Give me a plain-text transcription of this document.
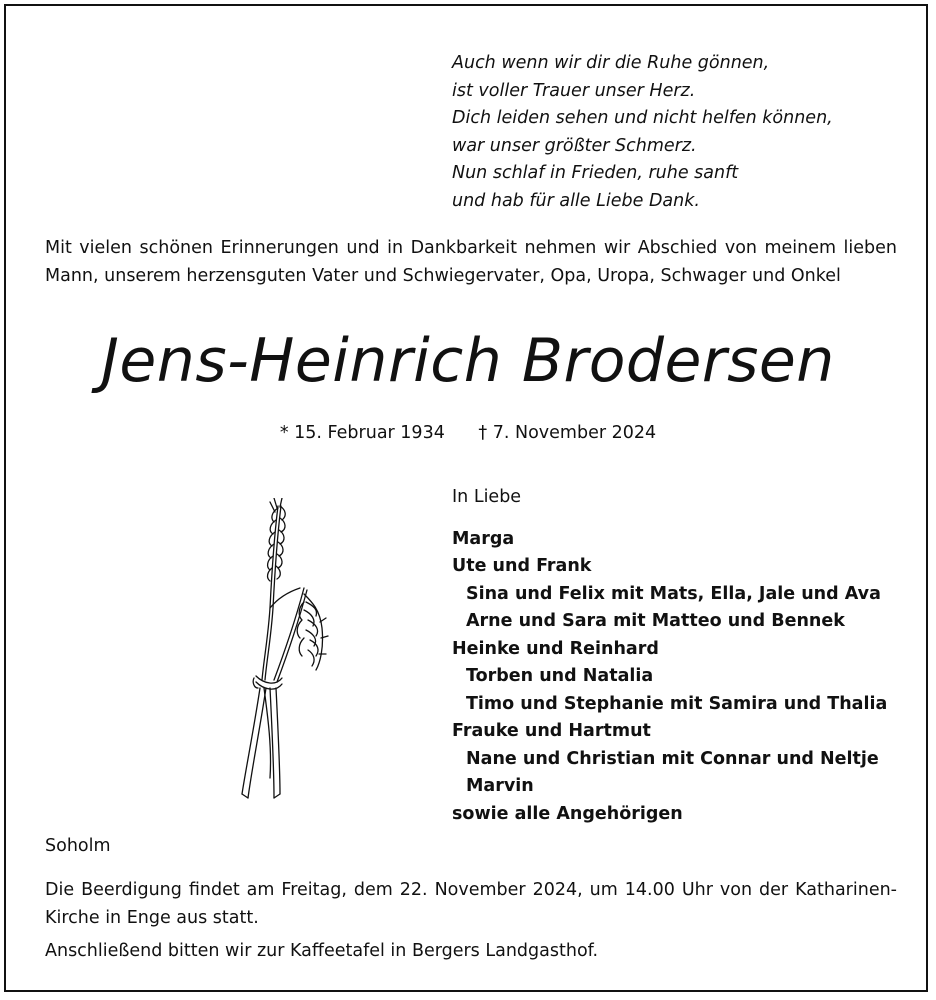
Auch wenn wir dir die Ruhe gönnen,
ist voller Trauer unser Herz.
Dich leiden sehen und nicht helfen können,
war unser größter Schmerz.
Nun schlaf in Frieden, ruhe sanft
und hab für alle Liebe Dank.
Mit vielen schönen Erinnerungen und in Dankbarkeit nehmen wir Abschied von meinem lieben Mann, unserem herzensguten Vater und Schwiegervater, Opa, Uropa, Schwager und Onkel
Jens-Heinrich Brodersen
* 15. Februar 1934 † 7. November 2024
In Liebe
Marga
Ute und Frank
Sina und Felix mit Mats, Ella, Jale und Ava
Arne und Sara mit Matteo und Bennek
Heinke und Reinhard
Torben und Natalia
Timo und Stephanie mit Samira und Thalia
Frauke und Hartmut
Nane und Christian mit Connar und Neltje
Marvin
sowie alle Angehörigen
Soholm
Die Beerdigung findet am Freitag, dem 22. November 2024, um 14.00 Uhr von der Katharinen-Kirche in Enge aus statt.
Anschließend bitten wir zur Kaffeetafel in Bergers Landgasthof.
